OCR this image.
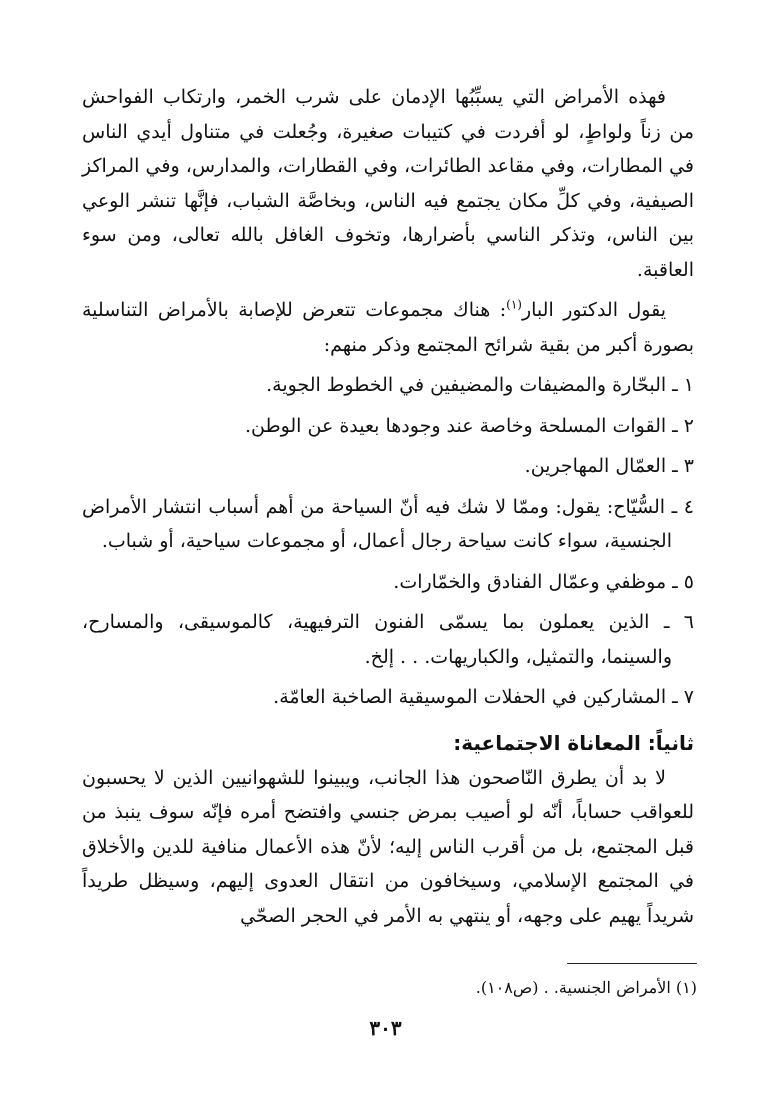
فهذه الأمراض التي يسبِّبُها الإدمان على شرب الخمر، وارتكاب الفواحش من زناً ولواطٍ، لو أفردت في كتيبات صغيرة، وجُعلت في متناول أيدي الناس في المطارات، وفي مقاعد الطائرات، وفي القطارات، والمدارس، وفي المراكز الصيفية، وفي كلِّ مكان يجتمع فيه الناس، وبخاصَّة الشباب، فإنَّها تنشر الوعي بين الناس، وتذكر الناسي بأضرارها، وتخوف الغافل بالله تعالى، ومن سوء العاقبة.

يقول الدكتور البار$^{(١)}$: هناك مجموعات تتعرض للإصابة بالأمراض التناسلية بصورة أكبر من بقية شرائح المجتمع وذكر منهم:

١ ـ البحّارة والمضيفات والمضيفين في الخطوط الجوية.

٢ ـ القوات المسلحة وخاصة عند وجودها بعيدة عن الوطن.

٣ ـ العمّال المهاجرين.

٤ ـ السُّيّاح: يقول: وممّا لا شك فيه أنّ السياحة من أهم أسباب انتشار الأمراض الجنسية، سواء كانت سياحة رجال أعمال، أو مجموعات سياحية، أو شباب.

٥ ـ موظفي وعمّال الفنادق والخمّارات.

٦ ـ الذين يعملون بما يسمّى الفنون الترفيهية، كالموسيقى، والمسارح، والسينما، والتمثيل، والكباريهات. . . إلخ.

٧ ـ المشاركين في الحفلات الموسيقية الصاخبة العامّة.

ثانياً: المعاناة الاجتماعية:

لا بد أن يطرق النّاصحون هذا الجانب، ويبينوا للشهوانيين الذين لا يحسبون للعواقب حساباً، أنّه لو أصيب بمرض جنسي وافتضح أمره فإنّه سوف ينبذ من قبل المجتمع، بل من أقرب الناس إليه؛ لأنّ هذه الأعمال منافية للدين والأخلاق في المجتمع الإسلامي، وسيخافون من انتقال العدوى إليهم، وسيظل طريداً شريداً يهيم على وجهه، أو ينتهي به الأمر في الحجر الصحّي

(١) الأمراض الجنسية. . (ص١٠٨).
٣٠٣
